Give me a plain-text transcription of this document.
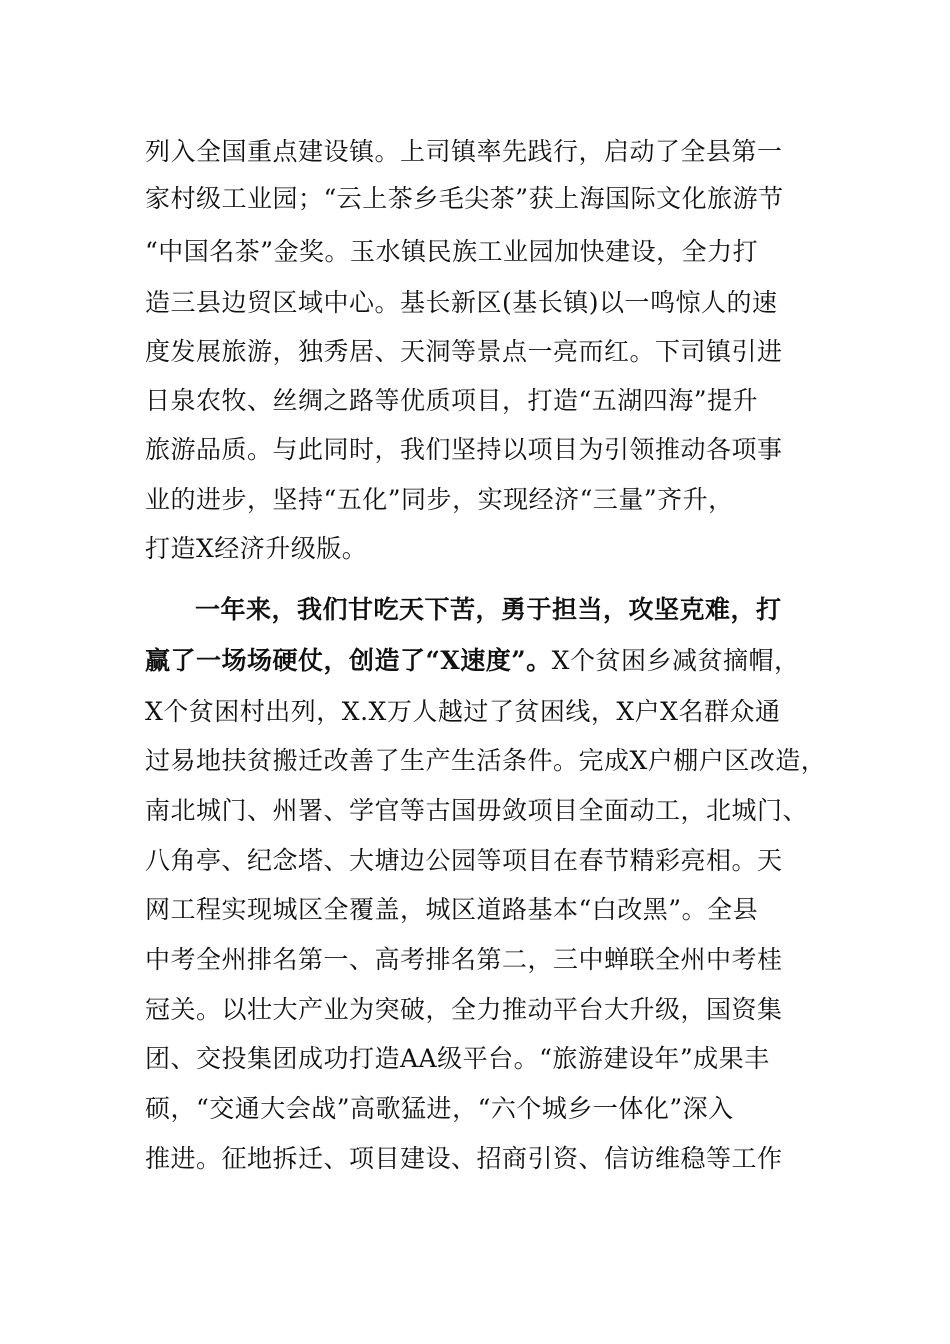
列入全国重点建设镇。上司镇率先践行，启动了全县第一
家村级工业园；“云上茶乡毛尖茶”获上海国际文化旅游节
“中国名茶”金奖。玉水镇民族工业园加快建设，全力打
造三县边贸区域中心。基长新区(基长镇)以一鸣惊人的速
度发展旅游，独秀居、天洞等景点一亮而红。下司镇引进
日泉农牧、丝绸之路等优质项目，打造“五湖四海”提升
旅游品质。与此同时，我们坚持以项目为引领推动各项事
业的进步，坚持“五化”同步，实现经济“三量”齐升，
打造X经济升级版。
一年来，我们甘吃天下苦，勇于担当，攻坚克难，打
赢了一场场硬仗，创造了“X速度”。X个贫困乡减贫摘帽，
X个贫困村出列，X.X万人越过了贫困线，X户X名群众通
过易地扶贫搬迁改善了生产生活条件。完成X户棚户区改造，
南北城门、州署、学官等古国毋敛项目全面动工，北城门、
八角亭、纪念塔、大塘边公园等项目在春节精彩亮相。天
网工程实现城区全覆盖，城区道路基本“白改黑”。全县
中考全州排名第一、高考排名第二，三中蝉联全州中考桂
冠关。以壮大产业为突破，全力推动平台大升级，国资集
团、交投集团成功打造AA级平台。“旅游建设年”成果丰
硕，“交通大会战”高歌猛进，“六个城乡一体化”深入
推进。征地拆迁、项目建设、招商引资、信访维稳等工作
